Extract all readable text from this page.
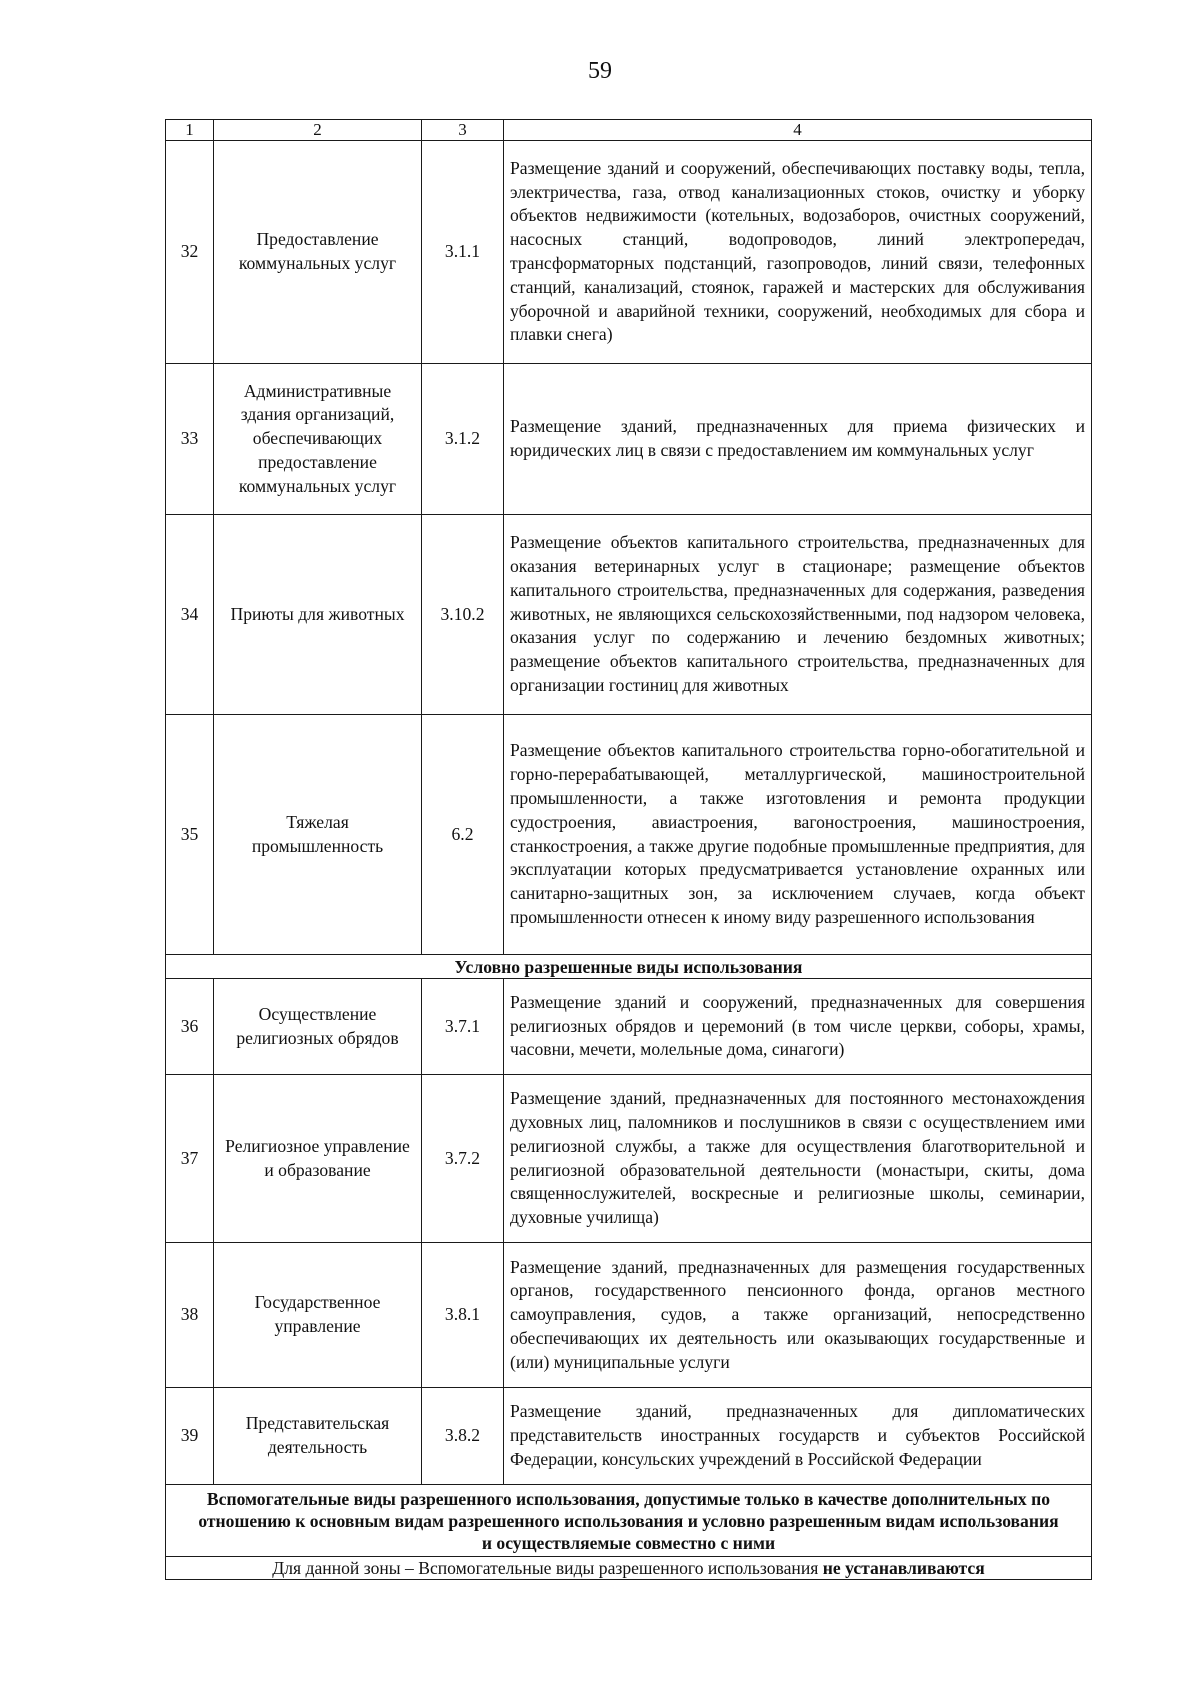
59
1	2	3	4
32	Предоставление коммунальных услуг	3.1.1	Размещение зданий и сооружений, обеспечивающих поставку воды, тепла, электричества, газа, отвод канализационных стоков, очистку и уборку объектов недвижимости (котельных, водозаборов, очистных сооружений, насосных станций, водопроводов, линий электропередач, трансформаторных подстанций, газопроводов, линий связи, телефонных станций, канализаций, стоянок, гаражей и мастерских для обслуживания уборочной и аварийной техники, сооружений, необходимых для сбора и плавки снега)
33	Административные здания организаций, обеспечивающих предоставление коммунальных услуг	3.1.2	Размещение зданий, предназначенных для приема физических и юридических лиц в связи с предоставлением им коммунальных услуг
34	Приюты для животных	3.10.2	Размещение объектов капитального строительства, предназначенных для оказания ветеринарных услуг в стационаре; размещение объектов капитального строительства, предназначенных для содержания, разведения животных, не являющихся сельскохозяйственными, под надзором человека, оказания услуг по содержанию и лечению бездомных животных; размещение объектов капитального строительства, предназначенных для организации гостиниц для животных
35	Тяжелая промышленность	6.2	Размещение объектов капитального строительства горно-обогатительной и горно-перерабатывающей, металлургической, машиностроительной промышленности, а также изготовления и ремонта продукции судостроения, авиастроения, вагоностроения, машиностроения, станкостроения, а также другие подобные промышленные предприятия, для эксплуатации которых предусматривается установление охранных или санитарно-защитных зон, за исключением случаев, когда объект промышленности отнесен к иному виду разрешенного использования
Условно разрешенные виды использования			
36	Осуществление религиозных обрядов	3.7.1	Размещение зданий и сооружений, предназначенных для совершения религиозных обрядов и церемоний (в том числе церкви, соборы, храмы, часовни, мечети, молельные дома, синагоги)
37	Религиозное управление и образование	3.7.2	Размещение зданий, предназначенных для постоянного местонахождения духовных лиц, паломников и послушников в связи с осуществлением ими религиозной службы, а также для осуществления благотворительной и религиозной образовательной деятельности (монастыри, скиты, дома священнослужителей, воскресные и религиозные школы, семинарии, духовные училища)
38	Государственное управление	3.8.1	Размещение зданий, предназначенных для размещения государственных органов, государственного пенсионного фонда, органов местного самоуправления, судов, а также организаций, непосредственно обеспечивающих их деятельность или оказывающих государственные и (или) муниципальные услуги
39	Представительская деятельность	3.8.2	Размещение зданий, предназначенных для дипломатических представительств иностранных государств и субъектов Российской Федерации, консульских учреждений в Российской Федерации
Вспомогательные виды разрешенного использования, допустимые только в качестве дополнительных по отношению к основным видам разрешенного использования и условно разрешенным видам использования и осуществляемые совместно с ними			
Для данной зоны – Вспомогательные виды разрешенного использования не устанавливаются			
